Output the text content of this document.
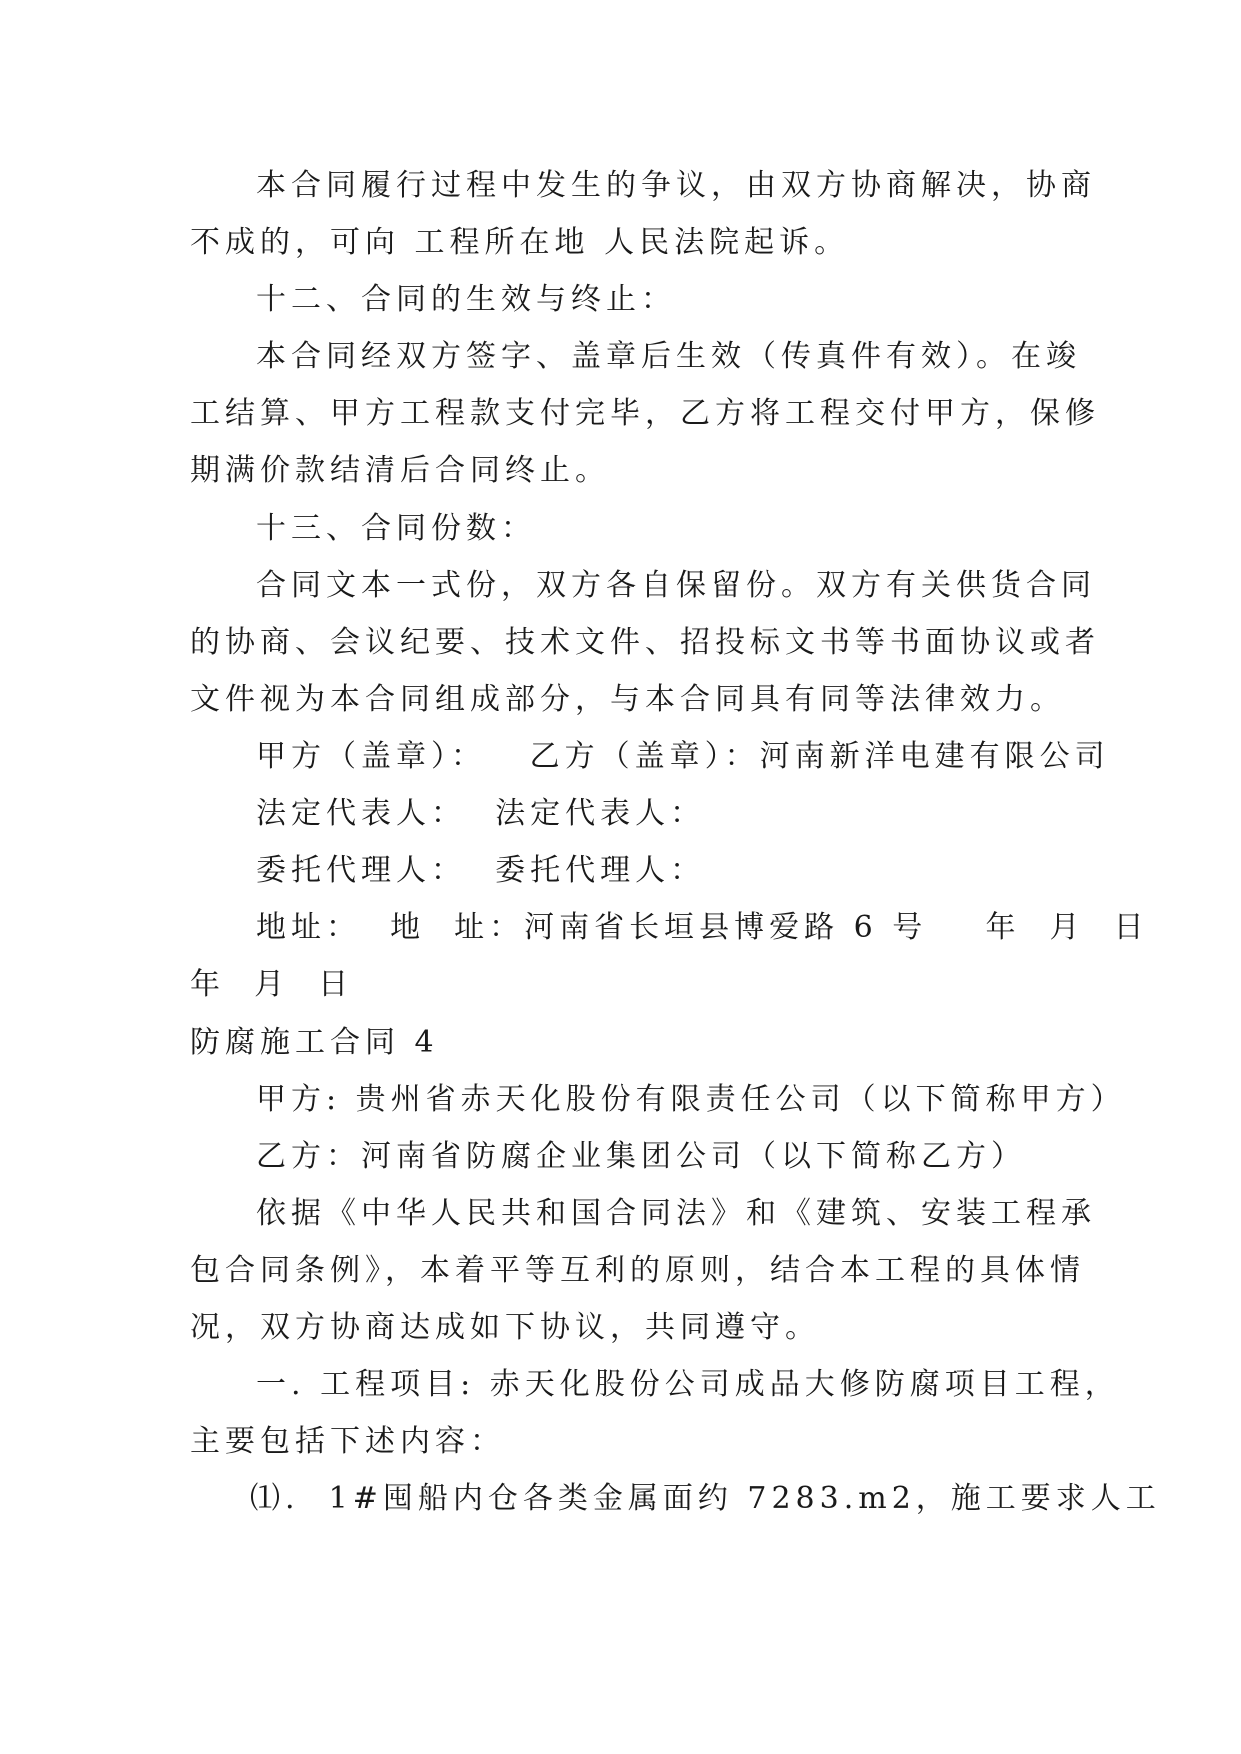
本合同履行过程中发生的争议，由双方协商解决，协商
不成的，可向 工程所在地 人民法院起诉。
十二、合同的生效与终止：
本合同经双方签字、盖章后生效（传真件有效）。在竣
工结算、甲方工程款支付完毕，乙方将工程交付甲方，保修
期满价款结清后合同终止。
十三、合同份数：
合同文本一式份，双方各自保留份。双方有关供货合同
的协商、会议纪要、技术文件、招投标文书等书面协议或者
文件视为本合同组成部分，与本合同具有同等法律效力。
甲方（盖章）：   乙方（盖章）：河南新洋电建有限公司
法定代表人：  法定代表人：
委托代理人：  委托代理人：
地址：  地  址：河南省长垣县博爱路 6 号    年  月  日
年  月  日
防腐施工合同 4
甲方: 贵州省赤天化股份有限责任公司（以下简称甲方）
乙方：河南省防腐企业集团公司（以下简称乙方）
依据《中华人民共和国合同法》和《建筑、安装工程承
包合同条例》，本着平等互利的原则，结合本工程的具体情
况，双方协商达成如下协议，共同遵守。
一. 工程项目: 赤天化股份公司成品大修防腐项目工程，
主要包括下述内容：
⑴.  1#囤船内仓各类金属面约 7283.m2，施工要求人工
